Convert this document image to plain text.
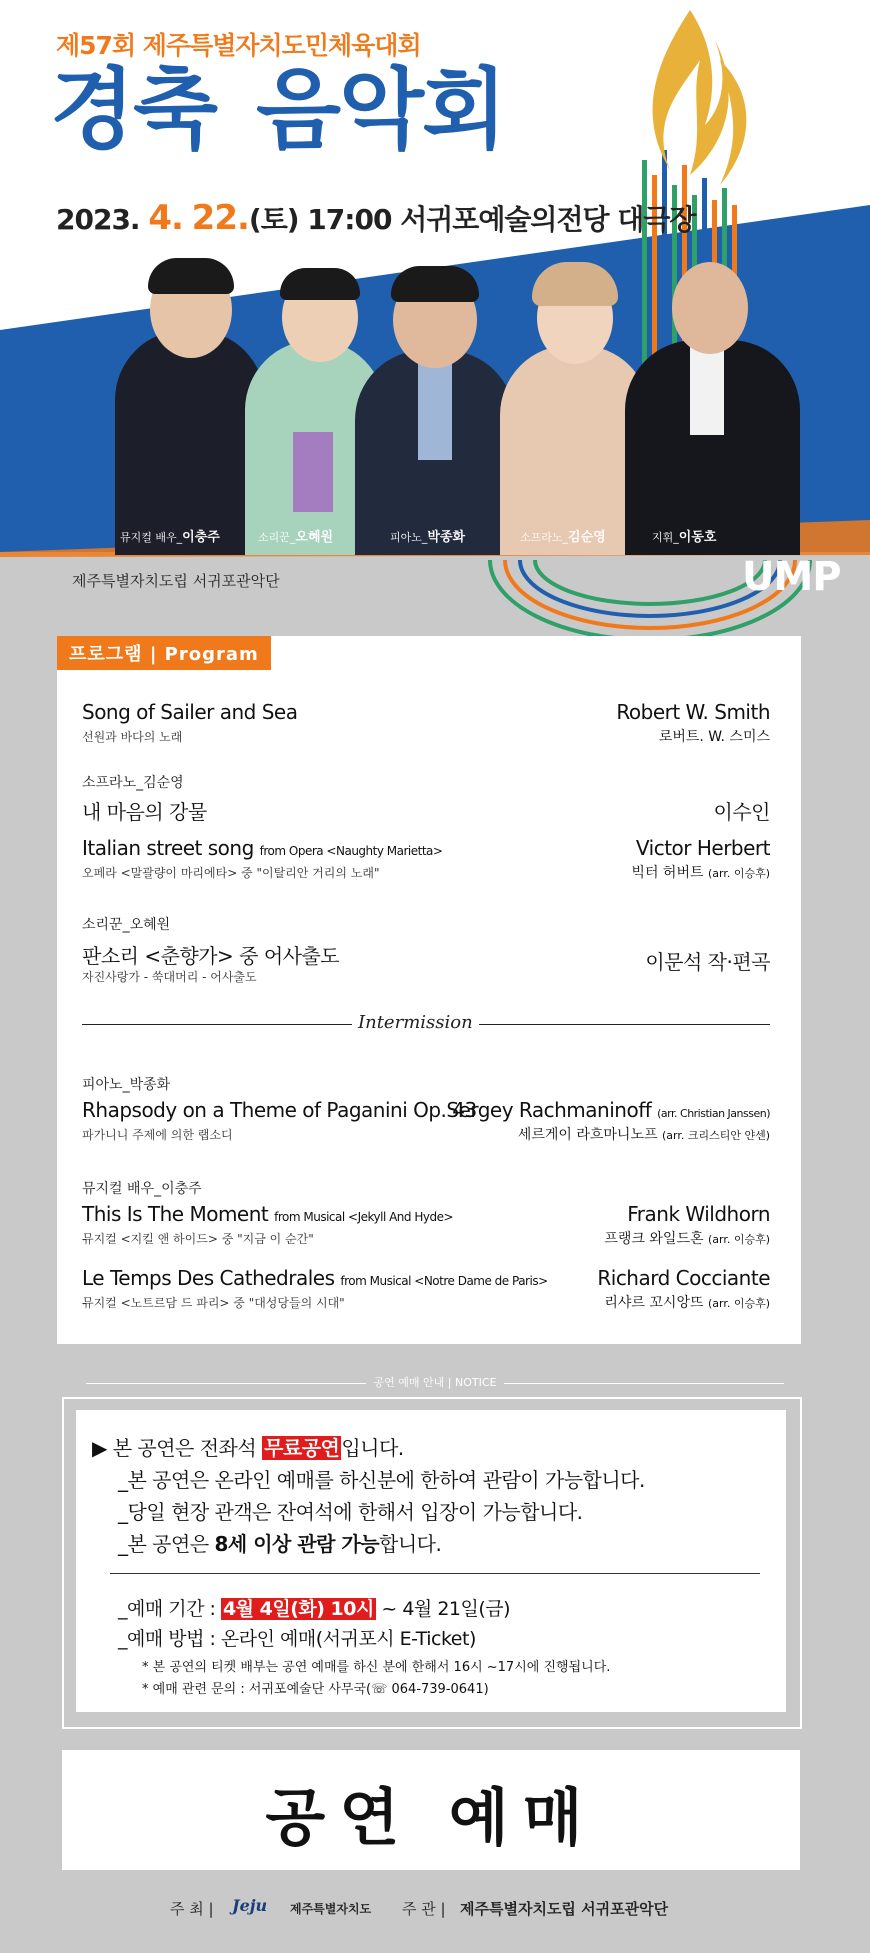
제57회 제주특별자치도민체육대회
경축 음악회
2023. 4. 22.(토) 17:00 서귀포예술의전당 대극장
뮤지컬 배우_이충주	소리꾼_오혜원	피아노_박종화	소프라노_김순영	지휘_이동호
제주특별자치도립 서귀포관악단	UMP
프로그램 | Program
Song of Sailer and Sea
선원과 바다의 노래
Robert W. Smith
로버트. W. 스미스
소프라노_김순영
내 마음의 강물	이수인
Italian street song from Opera <Naughty Marietta>
오페라 <말괄량이 마리에타> 중 "이탈리안 거리의 노래"
Victor Herbert
빅터 허버트 (arr. 이승후)
소리꾼_오혜원
판소리 <춘향가> 중 어사출도
자진사랑가 - 쑥대머리 - 어사출도
이문석 작·편곡
Intermission
피아노_박종화
Rhapsody on a Theme of Paganini Op. 43
파가니니 주제에 의한 랩소디
Sergey Rachmaninoff (arr. Christian Janssen)
세르게이 라흐마니노프 (arr. 크리스티안 얀센)
뮤지컬 배우_이충주
This Is The Moment from Musical <Jekyll And Hyde>
뮤지컬 <지킬 앤 하이드> 중 "지금 이 순간"
Frank Wildhorn
프랭크 와일드혼 (arr. 이승후)
Le Temps Des Cathedrales from Musical <Notre Dame de Paris>
뮤지컬 <노트르담 드 파리> 중 "대성당들의 시대"
Richard Cocciante
리샤르 꼬시앙뜨 (arr. 이승후)
공연 예매 안내 | NOTICE
▶ 본 공연은 전좌석 무료공연 입니다.
_본 공연은 온라인 예매를 하신분에 한하여 관람이 가능합니다.
_당일 현장 관객은 잔여석에 한해서 입장이 가능합니다.
_본 공연은 8세 이상 관람 가능합니다.
_예매 기간 : 4월 4일(화) 10시 ~ 4월 21일(금)
_예매 방법 : 온라인 예매(서귀포시 E-Ticket)
* 본 공연의 티켓 배부는 공연 예매를 하신 분에 한해서 16시 ~17시에 진행됩니다.
* 예매 관련 문의 : 서귀포예술단 사무국(☏ 064-739-0641)
공연 예매
주 최 | Jeju 제주특별자치도 주 관 | 제주특별자치도립 서귀포관악단
